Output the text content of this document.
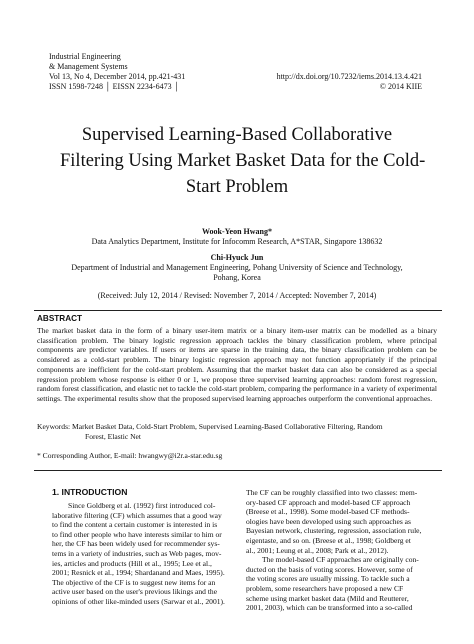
Industrial Engineering
& Management Systems
Vol 13, No 4, December 2014, pp.421-431
ISSN 1598-7248 │ EISSN 2234-6473 │
http://dx.doi.org/10.7232/iems.2014.13.4.421
© 2014 KIIE
Supervised Learning-Based Collaborative
Filtering Using Market Basket Data for the Cold-
Start Problem
Wook-Yeon Hwang*
Data Analytics Department, Institute for Infocomm Research, A*STAR, Singapore 138632
Chi-Hyuck Jun
Department of Industrial and Management Engineering, Pohang University of Science and Technology,
Pohang, Korea
(Received: July 12, 2014 / Revised: November 7, 2014 / Accepted: November 7, 2014)
ABSTRACT
The market basket data in the form of a binary user-item matrix or a binary item-user matrix can be modelled as a binary classification problem. The binary logistic regression approach tackles the binary classification problem, where principal components are predictor variables. If users or items are sparse in the training data, the binary classification problem can be considered as a cold-start problem. The binary logistic regression approach may not function appropriately if the principal components are inefficient for the cold-start problem. Assuming that the market basket data can also be considered as a special regression problem whose response is either 0 or 1, we propose three supervised learning approaches: random forest regression, random forest classification, and elastic net to tackle the cold-start problem, comparing the performance in a variety of experimental settings. The experimental results show that the proposed supervised learning approaches outperform the conventional approaches.
Keywords: Market Basket Data, Cold-Start Problem, Supervised Learning-Based Collaborative Filtering, Random
Forest, Elastic Net
* Corresponding Author, E-mail: hwangwy@i2r.a-star.edu.sg
1. INTRODUCTION
Since Goldberg et al. (1992) first introduced col-
laborative filtering (CF) which assumes that a good way
to find the content a certain customer is interested in is
to find other people who have interests similar to him or
her, the CF has been widely used for recommender sys-
tems in a variety of industries, such as Web pages, mov-
ies, articles and products (Hill et al., 1995; Lee et al.,
2001; Resnick et al., 1994; Shardanand and Maes, 1995).
The objective of the CF is to suggest new items for an
active user based on the user's previous likings and the
opinions of other like-minded users (Sarwar et al., 2001).
The CF can be roughly classified into two classes: mem-
ory-based CF approach and model-based CF approach
(Breese et al., 1998). Some model-based CF methods-
ologies have been developed using such approaches as
Bayesian network, clustering, regression, association rule,
eigentaste, and so on. (Breese et al., 1998; Goldberg et
al., 2001; Leung et al., 2008; Park et al., 2012).
The model-based CF approaches are originally con-
ducted on the basis of voting scores. However, some of
the voting scores are usually missing. To tackle such a
problem, some researchers have proposed a new CF
scheme using market basket data (Mild and Reutterer,
2001, 2003), which can be transformed into a so-called
